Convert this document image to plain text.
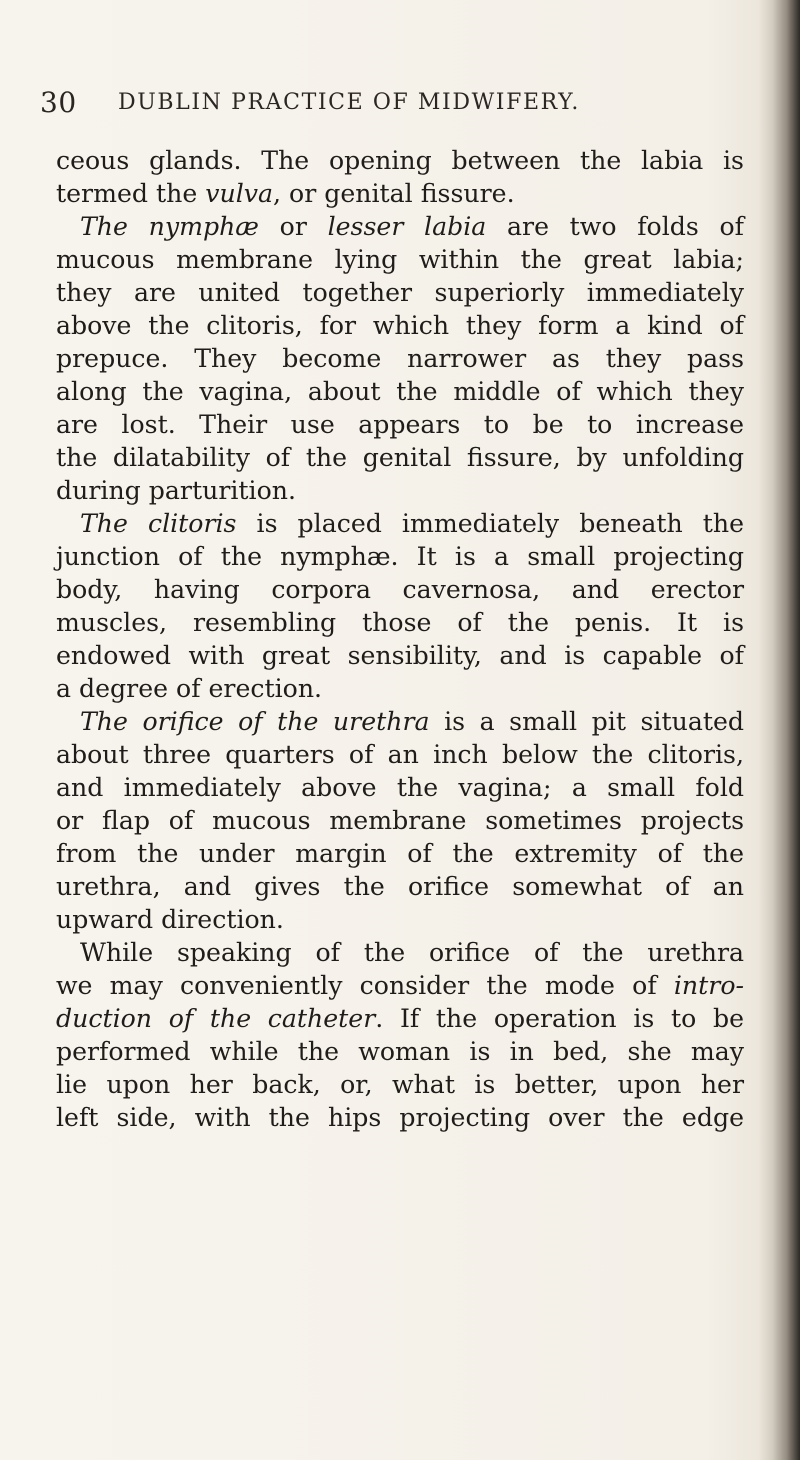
30 DUBLIN PRACTICE OF MIDWIFERY.
ceous glands. The opening between the labia is
termed the vulva, or genital fissure.
The nymphæ or lesser labia are two folds of
mucous membrane lying within the great labia;
they are united together superiorly immediately
above the clitoris, for which they form a kind of
prepuce. They become narrower as they pass
along the vagina, about the middle of which they
are lost. Their use appears to be to increase
the dilatability of the genital fissure, by unfolding
during parturition.
The clitoris is placed immediately beneath the
junction of the nymphæ. It is a small projecting
body, having corpora cavernosa, and erector
muscles, resembling those of the penis. It is
endowed with great sensibility, and is capable of
a degree of erection.
The orifice of the urethra is a small pit situated
about three quarters of an inch below the clitoris,
and immediately above the vagina; a small fold
or flap of mucous membrane sometimes projects
from the under margin of the extremity of the
urethra, and gives the orifice somewhat of an
upward direction.
While speaking of the orifice of the urethra
we may conveniently consider the mode of intro-
duction of the catheter. If the operation is to be
performed while the woman is in bed, she may
lie upon her back, or, what is better, upon her
left side, with the hips projecting over the edge
